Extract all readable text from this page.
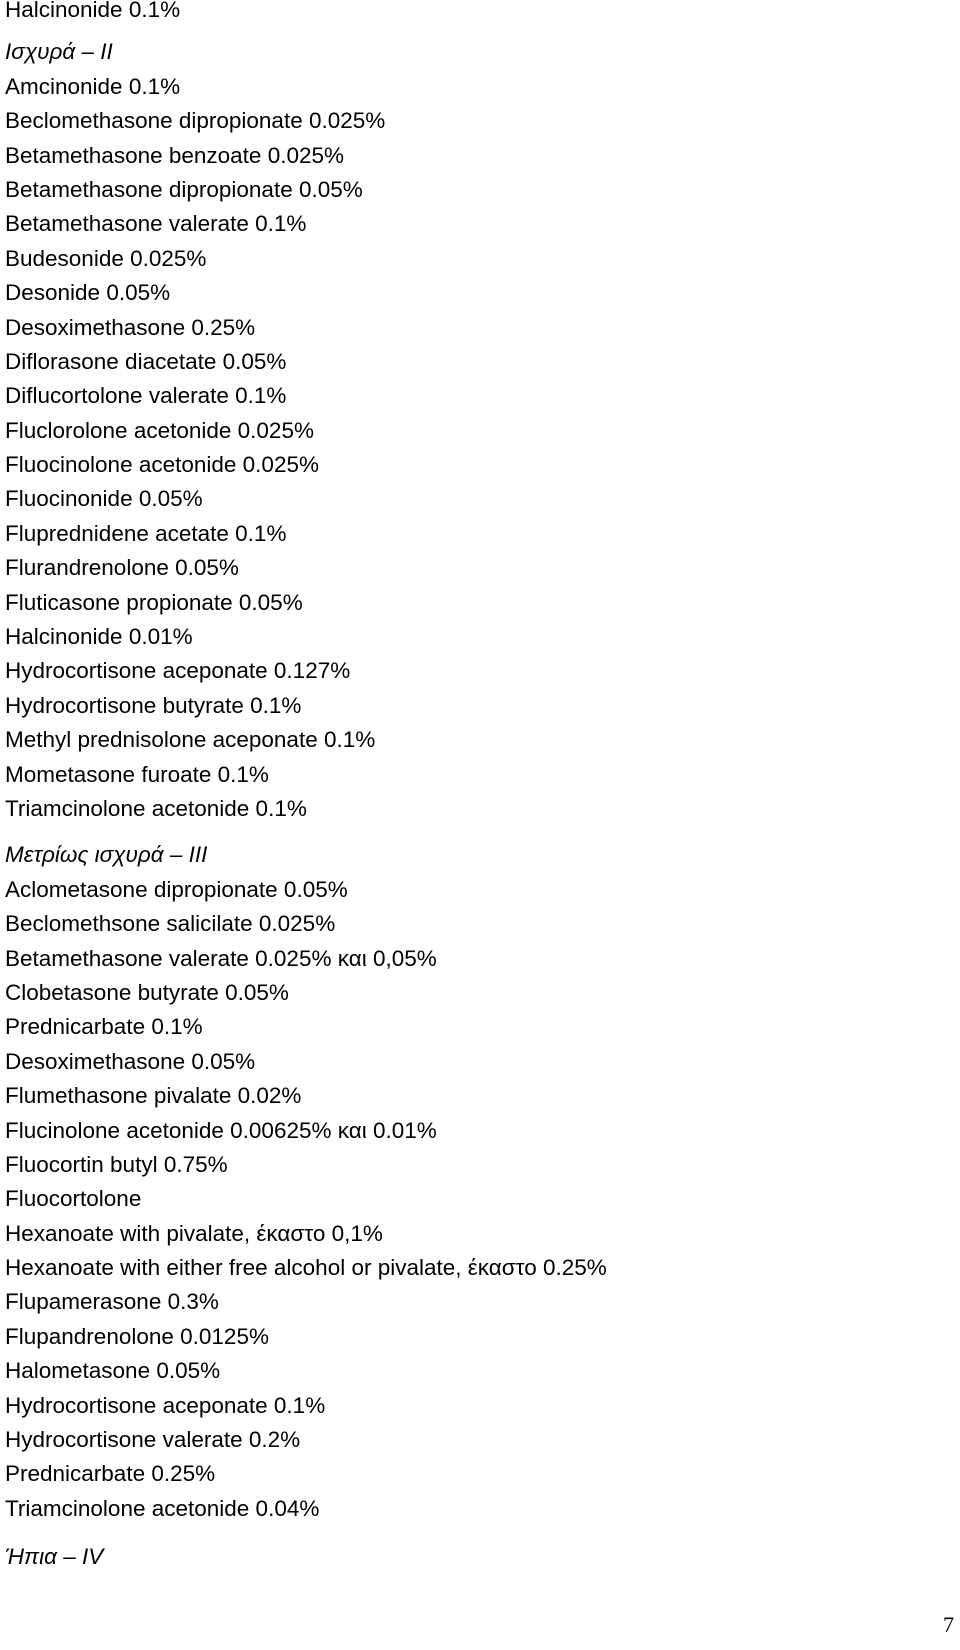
Halcinonide 0.1%
Ισχυρά – II
Amcinonide 0.1%
Beclomethasone dipropionate 0.025%
Betamethasone benzoate 0.025%
Betamethasone dipropionate 0.05%
Betamethasone valerate 0.1%
Budesonide 0.025%
Desonide 0.05%
Desoximethasone 0.25%
Diflorasone diacetate 0.05%
Diflucortolone valerate 0.1%
Fluclorolone acetonide 0.025%
Fluocinolone acetonide 0.025%
Fluocinonide 0.05%
Fluprednidene acetate 0.1%
Flurandrenolone 0.05%
Fluticasone propionate 0.05%
Halcinonide 0.01%
Hydrocortisone aceponate 0.127%
Hydrocortisone butyrate 0.1%
Methyl prednisolone aceponate 0.1%
Mometasone furoate 0.1%
Triamcinolone acetonide 0.1%
Μετρίως ισχυρά – III
Aclometasone dipropionate 0.05%
Beclomethsone salicilate 0.025%
Betamethasone valerate 0.025% και 0,05%
Clobetasone butyrate 0.05%
Prednicarbate 0.1%
Desoximethasone 0.05%
Flumethasone pivalate 0.02%
Flucinolone acetonide 0.00625% και 0.01%
Fluocortin butyl 0.75%
Fluocortolone
Hexanoate with pivalate, έκαστο 0,1%
Hexanoate with either free alcohol or pivalate, έκαστο 0.25%
Flupamerasone 0.3%
Flupandrenolone 0.0125%
Halometasone 0.05%
Hydrocortisone aceponate 0.1%
Hydrocortisone valerate 0.2%
Prednicarbate 0.25%
Triamcinolone acetonide 0.04%
Ήπια – IV
7
